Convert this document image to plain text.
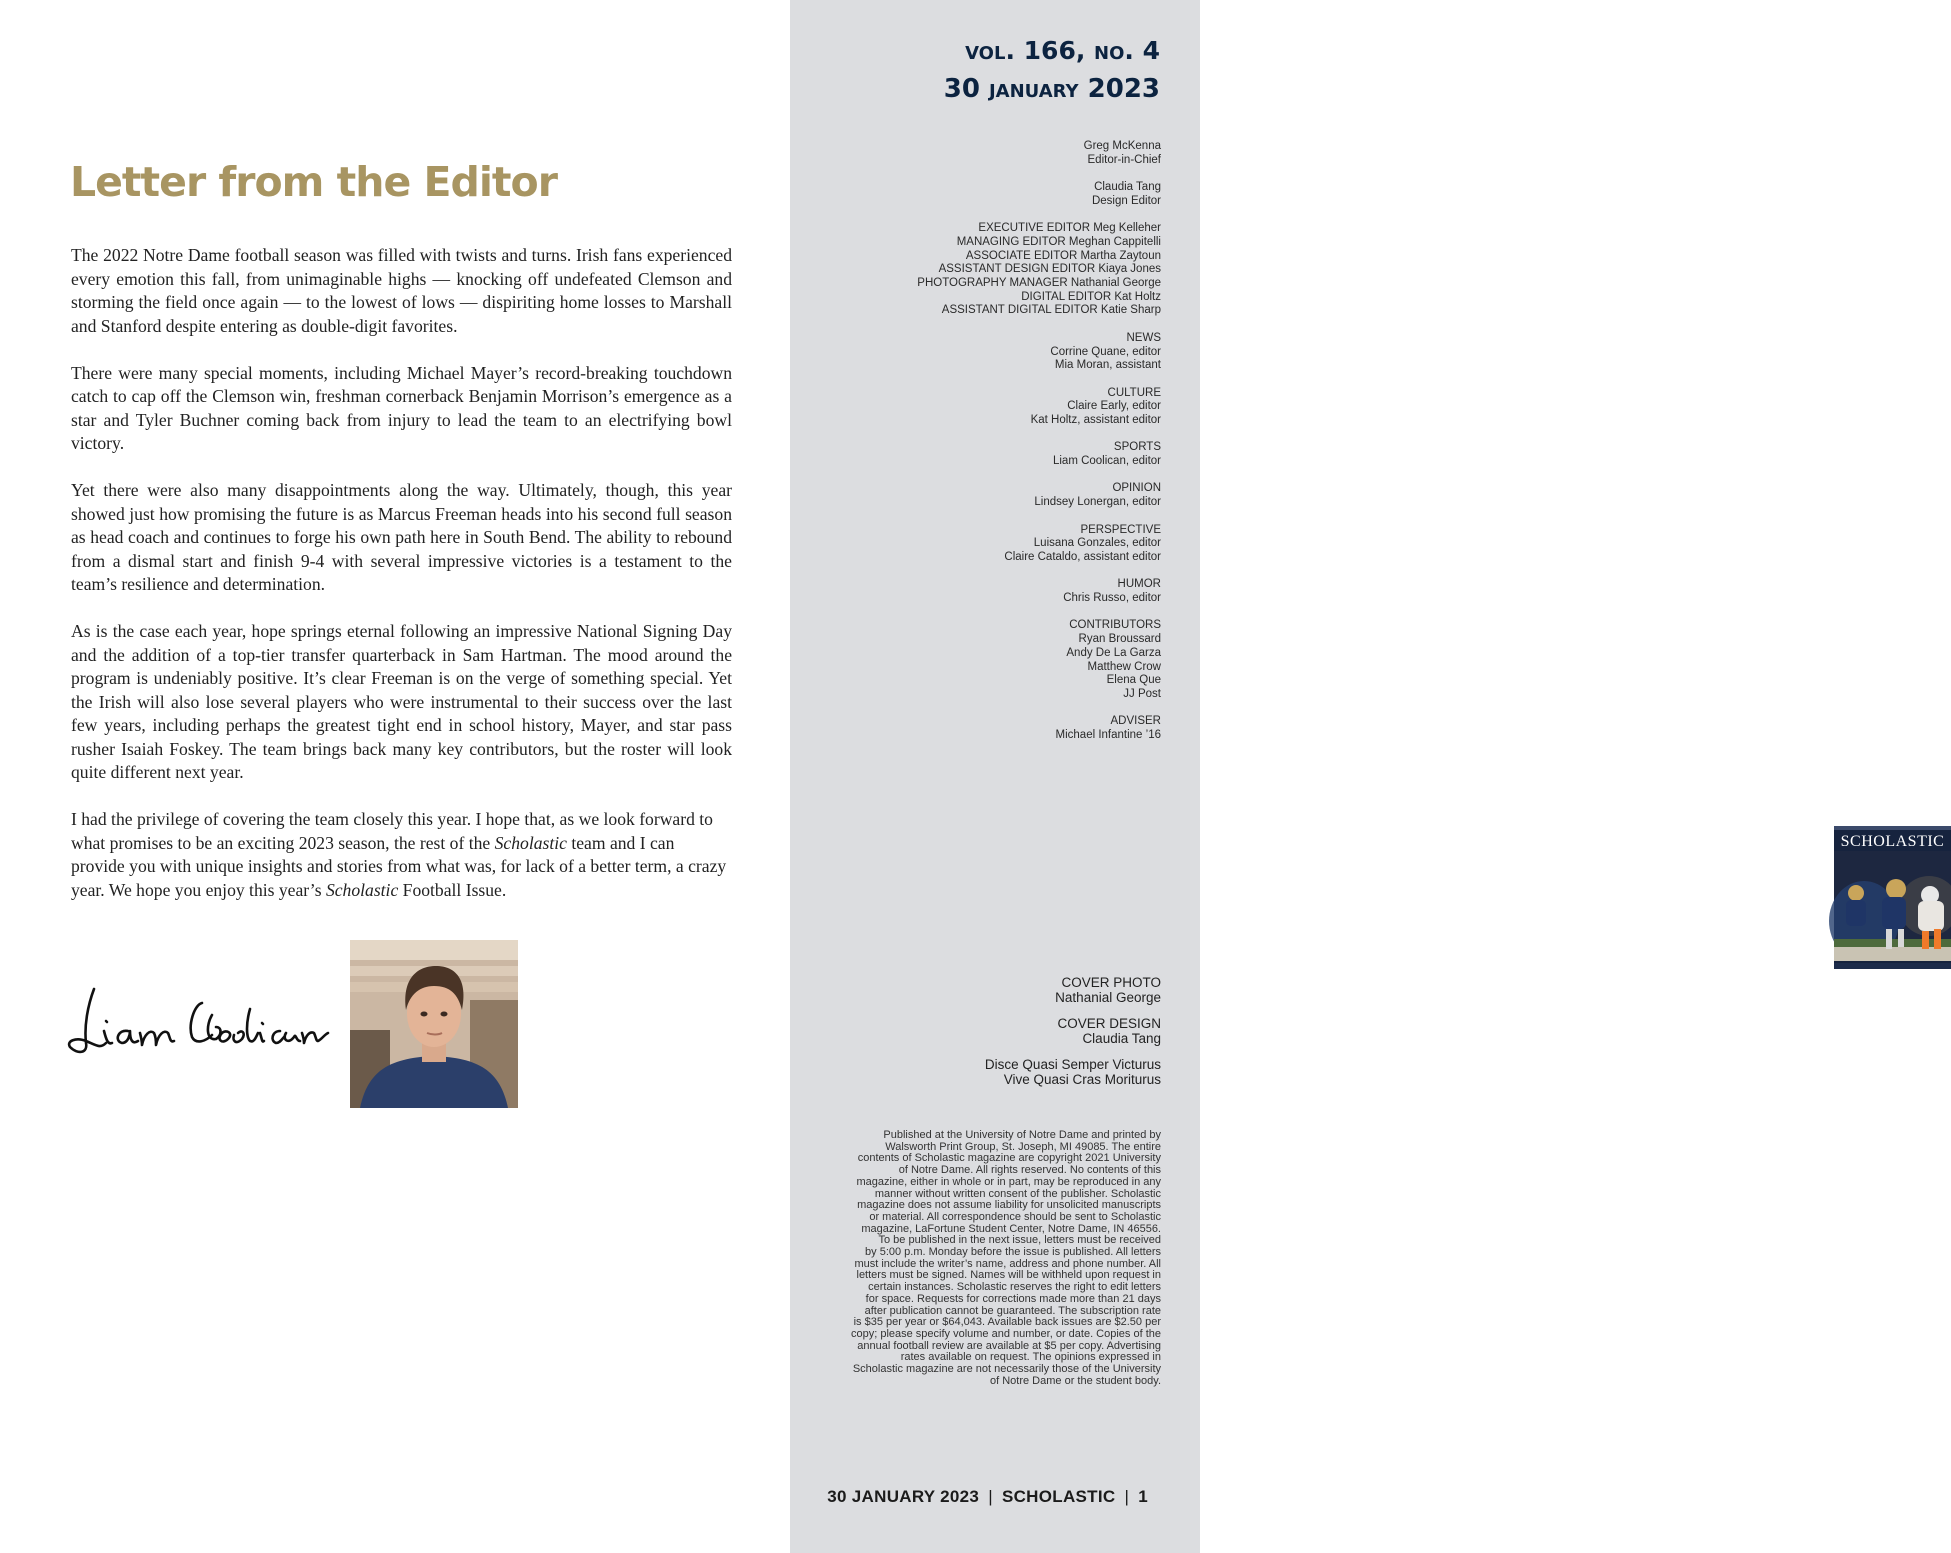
vol. 166, no. 4
30 january 2023
Greg McKenna
Editor-in-Chief
Claudia Tang
Design Editor
EXECUTIVE EDITOR Meg Kelleher
MANAGING EDITOR Meghan Cappitelli
ASSOCIATE EDITOR Martha Zaytoun
ASSISTANT DESIGN EDITOR Kiaya Jones
PHOTOGRAPHY MANAGER Nathanial George
DIGITAL EDITOR Kat Holtz
ASSISTANT DIGITAL EDITOR Katie Sharp
NEWS
Corrine Quane, editor
Mia Moran, assistant
CULTURE
Claire Early, editor
Kat Holtz, assistant editor
SPORTS
Liam Coolican, editor
OPINION
Lindsey Lonergan, editor
PERSPECTIVE
Luisana Gonzales, editor
Claire Cataldo, assistant editor
HUMOR
Chris Russo, editor
CONTRIBUTORS
Ryan Broussard
Andy De La Garza
Matthew Crow
Elena Que
JJ Post
ADVISER
Michael Infantine ’16
SCHOLASTIC
COVER PHOTO
Nathanial George
COVER DESIGN
Claudia Tang
Disce Quasi Semper Victurus
Vive Quasi Cras Moriturus
Published at the University of Notre Dame and printed by
Walsworth Print Group, St. Joseph, MI 49085. The entire
contents of Scholastic magazine are copyright 2021 University
of Notre Dame. All rights reserved. No contents of this
magazine, either in whole or in part, may be reproduced in any
manner without written consent of the publisher. Scholastic
magazine does not assume liability for unsolicited manuscripts
or material. All correspondence should be sent to Scholastic
magazine, LaFortune Student Center, Notre Dame, IN 46556.
To be published in the next issue, letters must be received
by 5:00 p.m. Monday before the issue is published. All letters
must include the writer’s name, address and phone number. All
letters must be signed. Names will be withheld upon request in
certain instances. Scholastic reserves the right to edit letters
for space. Requests for corrections made more than 21 days
after publication cannot be guaranteed. The subscription rate
is $35 per year or $64,043. Available back issues are $2.50 per
copy; please specify volume and number, or date. Copies of the
annual football review are available at $5 per copy. Advertising
rates available on request. The opinions expressed in
Scholastic magazine are not necessarily those of the University
of Notre Dame or the student body.
30 JANUARY 2023 | SCHOLASTIC | 1
Letter from the Editor

The 2022 Notre Dame football season was filled with twists and turns. Irish fans experienced every emotion this fall, from unimaginable highs — knocking off undefeated Clemson and storming the field once again — to the lowest of lows — dispiriting home losses to Marshall and Stanford despite entering as double-digit favorites.

There were many special moments, including Michael Mayer’s record-breaking touchdown catch to cap off the Clemson win, freshman cornerback Benjamin Morrison’s emergence as a star and Tyler Buchner coming back from injury to lead the team to an electrifying bowl victory.

Yet there were also many disappointments along the way. Ultimately, though, this year showed just how promising the future is as Marcus Freeman heads into his second full season as head coach and continues to forge his own path here in South Bend. The ability to rebound from a dismal start and finish 9-4 with several impressive victories is a testament to the team’s resilience and determination.

As is the case each year, hope springs eternal following an impressive National Signing Day and the addition of a top-tier transfer quarterback in Sam Hartman. The mood around the program is undeniably positive. It’s clear Freeman is on the verge of something special. Yet the Irish will also lose several players who were instrumental to their success over the last few years, including perhaps the greatest tight end in school history, Mayer, and star pass rusher Isaiah Foskey. The team brings back many key contributors, but the roster will look quite different next year.

I had the privilege of covering the team closely this year. I hope that, as we look forward to what promises to be an exciting 2023 season, the rest of the Scholastic team and I can provide you with unique insights and stories from what was, for lack of a better term, a crazy year. We hope you enjoy this year’s Scholastic Football Issue.
